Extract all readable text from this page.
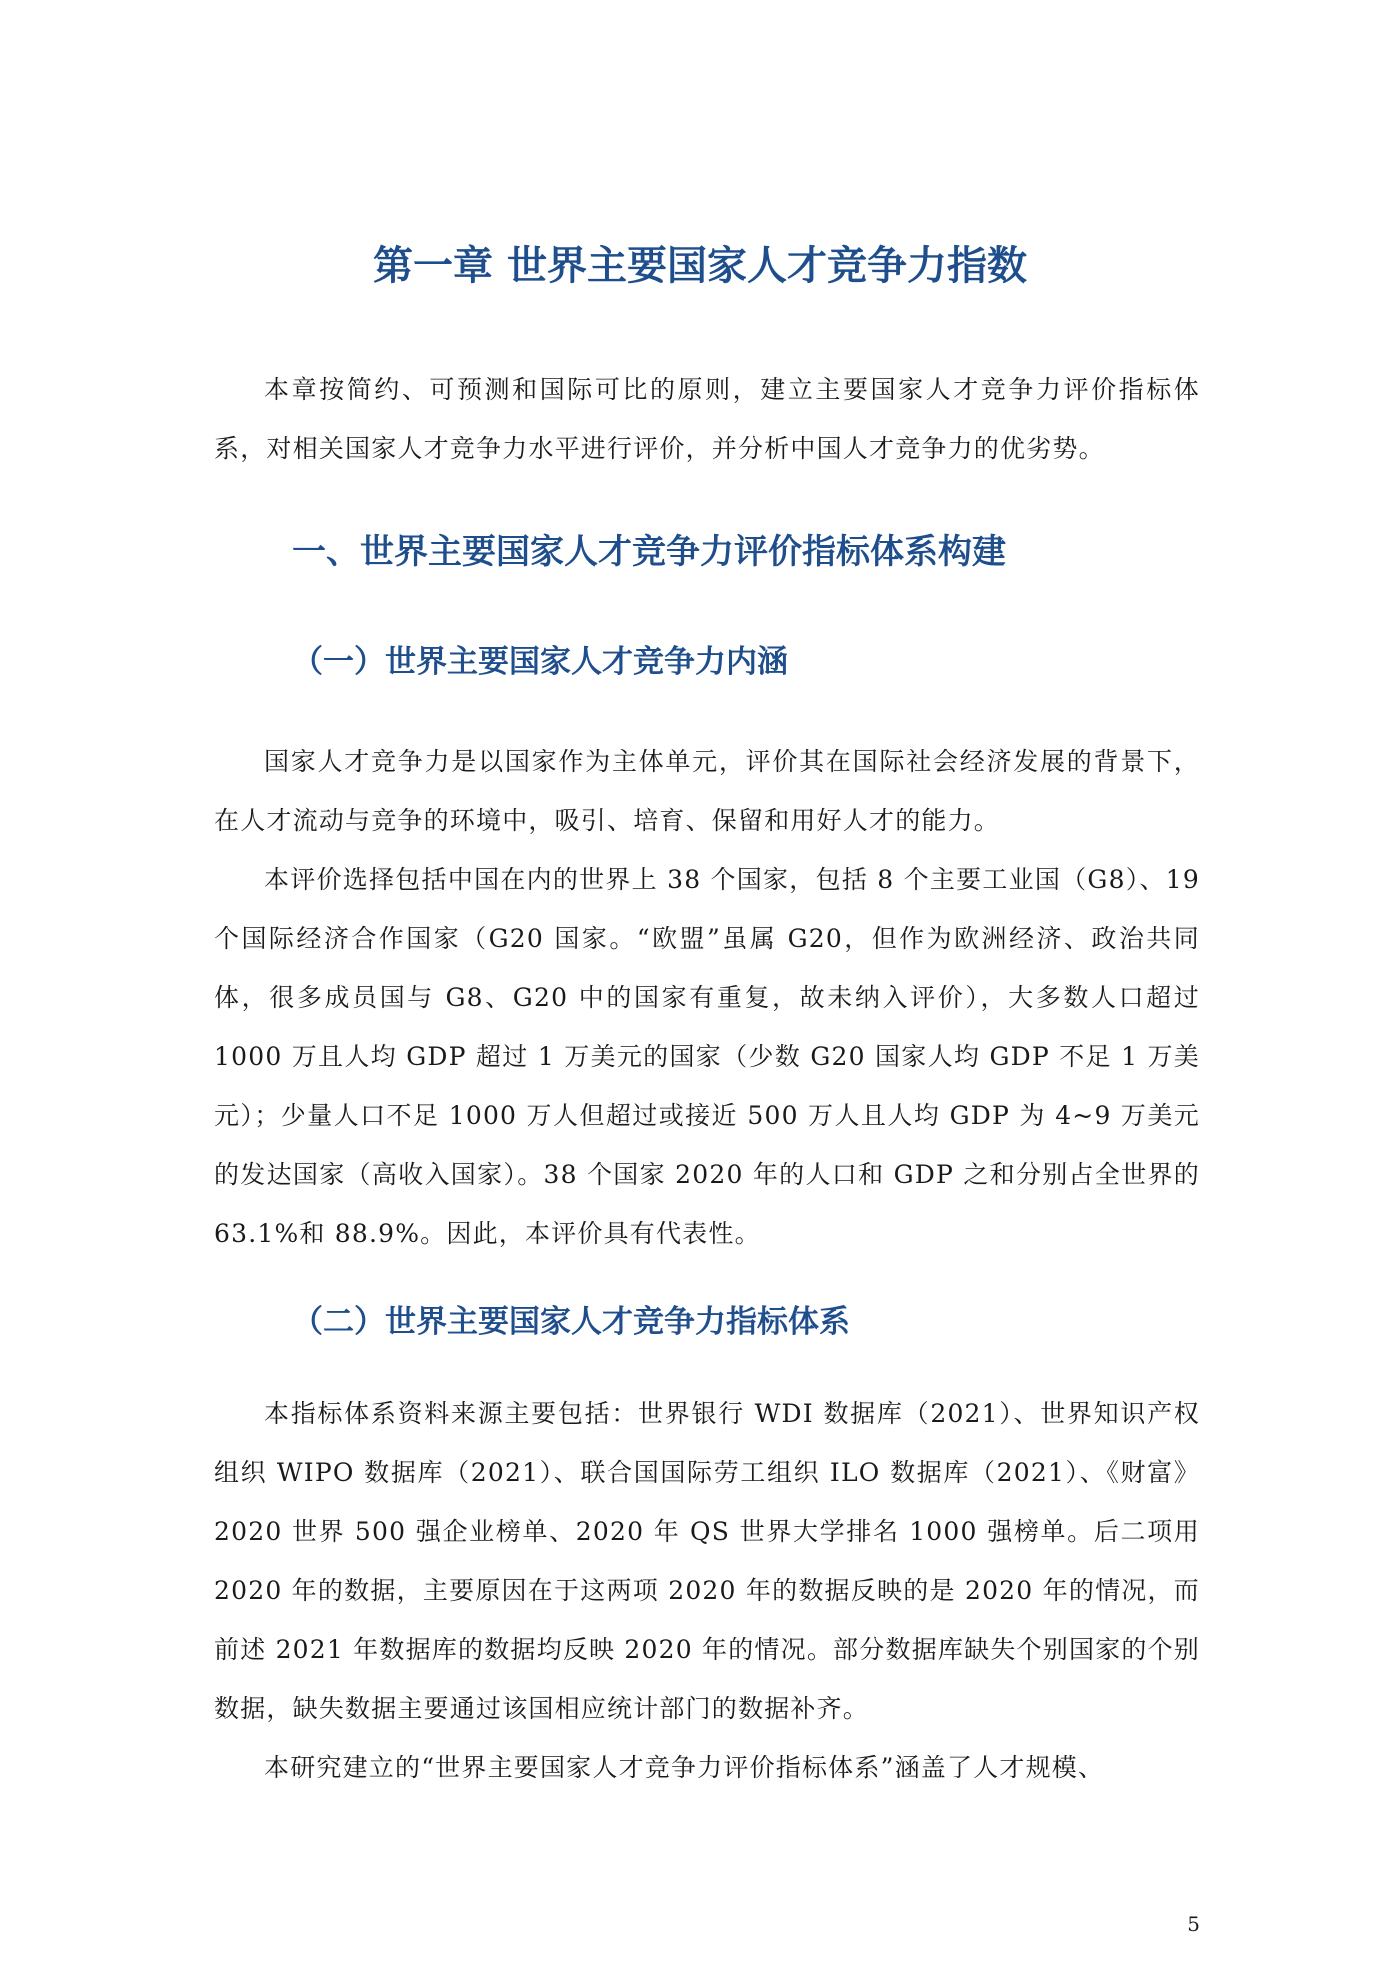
第一章 世界主要国家人才竞争力指数

本章按简约、可预测和国际可比的原则，建立主要国家人才竞争力评价指标体系，对相关国家人才竞争力水平进行评价，并分析中国人才竞争力的优劣势。

一、世界主要国家人才竞争力评价指标体系构建
（一）世界主要国家人才竞争力内涵

国家人才竞争力是以国家作为主体单元，评价其在国际社会经济发展的背景下，在人才流动与竞争的环境中，吸引、培育、保留和用好人才的能力。

本评价选择包括中国在内的世界上 38 个国家，包括 8 个主要工业国（G8）、19 个国际经济合作国家（G20 国家。“欧盟”虽属 G20，但作为欧洲经济、政治共同体，很多成员国与 G8、G20 中的国家有重复，故未纳入评价），大多数人口超过 1000 万且人均 GDP 超过 1 万美元的国家（少数 G20 国家人均 GDP 不足 1 万美元）；少量人口不足 1000 万人但超过或接近 500 万人且人均 GDP 为 4~9 万美元的发达国家（高收入国家）。38 个国家 2020 年的人口和 GDP 之和分别占全世界的 63.1%和 88.9%。因此，本评价具有代表性。

（二）世界主要国家人才竞争力指标体系

本指标体系资料来源主要包括：世界银行 WDI 数据库（2021）、世界知识产权组织 WIPO 数据库（2021）、联合国国际劳工组织 ILO 数据库（2021）、《财富》2020 世界 500 强企业榜单、2020 年 QS 世界大学排名 1000 强榜单。后二项用 2020 年的数据，主要原因在于这两项 2020 年的数据反映的是 2020 年的情况，而前述 2021 年数据库的数据均反映 2020 年的情况。部分数据库缺失个别国家的个别数据，缺失数据主要通过该国相应统计部门的数据补齐。

本研究建立的“世界主要国家人才竞争力评价指标体系”涵盖了人才规模、

5
